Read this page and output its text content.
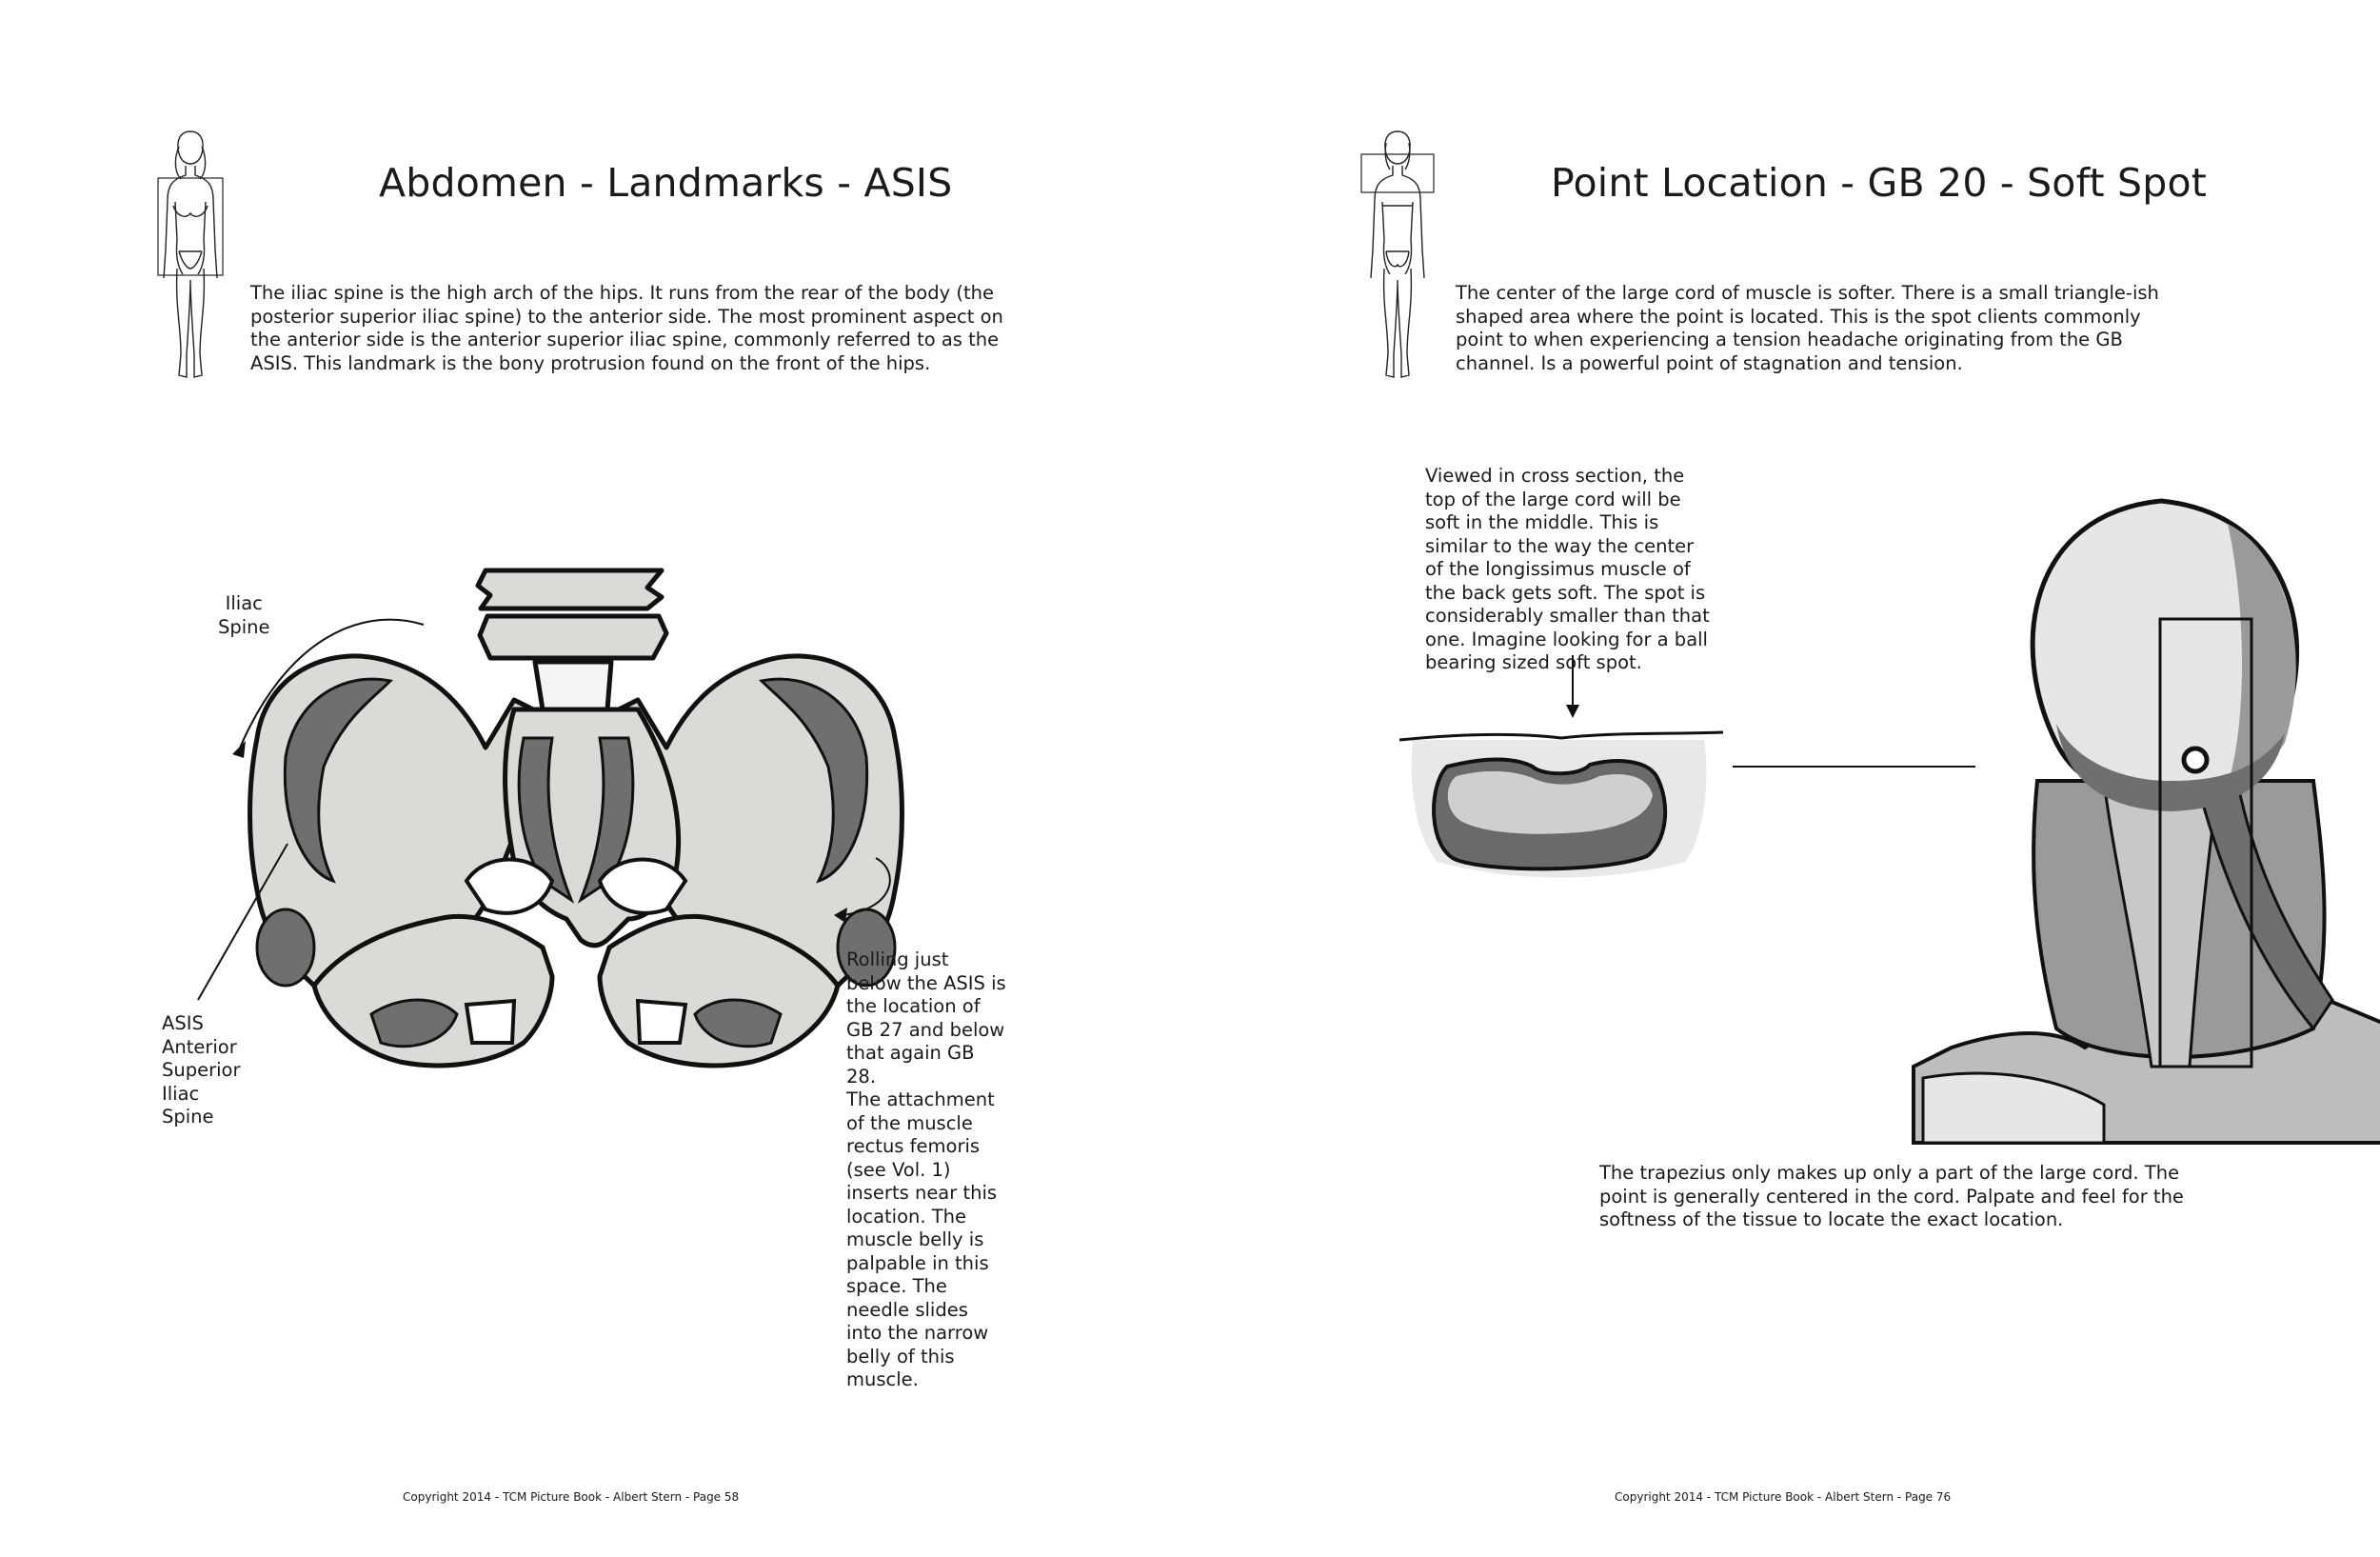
Abdomen - Landmarks - ASIS

The iliac spine is the high arch of the hips. It runs from the rear of the body (the posterior superior iliac spine) to the anterior side. The most prominent aspect on the anterior side is the anterior superior iliac spine, commonly referred to as the ASIS. This landmark is the bony protrusion found on the front of the hips.

Iliac
Spine
ASIS
Anterior
Superior
Iliac
Spine

Rolling just below the ASIS is the location of GB 27 and below that again GB 28.

The attachment of the muscle rectus femoris (see Vol. 1) inserts near this location. The muscle belly is palpable in this space. The needle slides into the narrow belly of this muscle.

Copyright 2014 - TCM Picture Book - Albert Stern - Page 58
Point Location - GB 20 - Soft Spot

The center of the large cord of muscle is softer. There is a small triangle-ish shaped area where the point is located. This is the spot clients commonly point to when experiencing a tension headache originating from the GB channel. Is a powerful point of stagnation and tension.

Viewed in cross section, the top of the large cord will be soft in the middle. This is similar to the way the center of the longissimus muscle of the back gets soft. The spot is considerably smaller than that one. Imagine looking for a ball bearing sized soft spot.

The trapezius only makes up only a part of the large cord. The point is generally centered in the cord. Palpate and feel for the softness of the tissue to locate the exact location.

Copyright 2014 - TCM Picture Book - Albert Stern - Page 76
